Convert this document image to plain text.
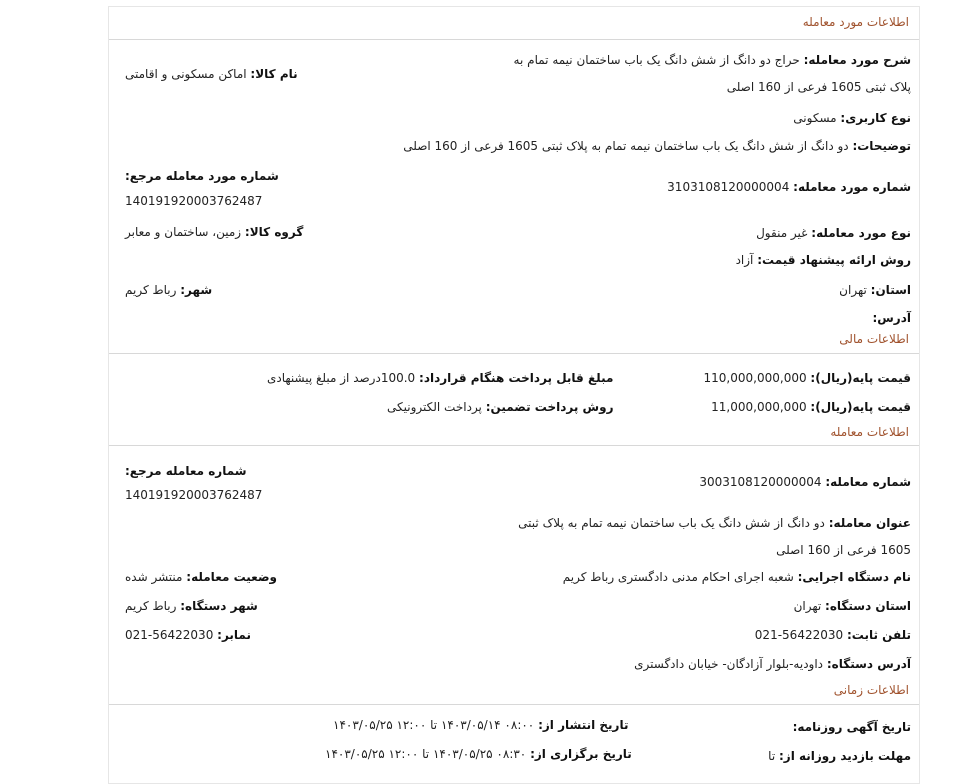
اطلاعات مورد معامله
شرح مورد معامله: حراج دو دانگ از شش دانگ یک باب ساختمان نیمه تمام به پلاک ثبتی 1605 فرعی از 160 اصلی
نام کالا: اماکن مسکونی و اقامتی
نوع کاربری: مسکونی
توضیحات: دو دانگ از شش دانگ یک باب ساختمان نیمه تمام به پلاک ثبتی 1605 فرعی از 160 اصلی
شماره مورد معامله مرجع:
14019192000376248‎7
شماره مورد معامله: 3103108120000004
گروه کالا: زمین، ساختمان و معابر	نوع مورد معامله: غیر منقول
روش ارائه پیشنهاد قیمت: آزاد
شهر: رباط کریم	استان: تهران
آدرس:
اطلاعات مالی
قیمت پایه(ریال): 110,000,000,000
مبلغ قابل پرداخت هنگام قرارداد: 100.0درصد از مبلغ پیشنهادی
قیمت پایه(ریال): 11,000,000,000
روش پرداخت تضمین: پرداخت الکترونیکی
اطلاعات معامله
شماره معامله مرجع:
14019192000376248‎7
شماره معامله: 3003108120000004
عنوان معامله: دو دانگ از شش دانگ یک باب ساختمان نیمه تمام به پلاک ثبتی 1605 فرعی از 160 اصلی
وضعیت معامله: منتشر شده	نام دستگاه اجرایی: شعبه اجرای احکام مدنی دادگستری رباط کریم
شهر دستگاه: رباط کریم	استان دستگاه: تهران
نمابر: 56422030-021	تلفن ثابت: 56422030-021
آدرس دستگاه: داودیه-بلوار آزادگان- خیابان دادگستری
اطلاعات زمانی
تاریخ آگهی روزنامه:
تاریخ انتشار از: ۰۸:۰۰ ۱۴۰۳/۰۵/۱۴ تا ۱۲:۰۰ ۱۴۰۳/۰۵/۲۵
مهلت بازدید روزانه از: تا
تاریخ برگزاری از: ۰۸:۳۰ ۱۴۰۳/۰۵/۲۵ تا ۱۲:۰۰ ۱۴۰۳/۰۵/۲۵
